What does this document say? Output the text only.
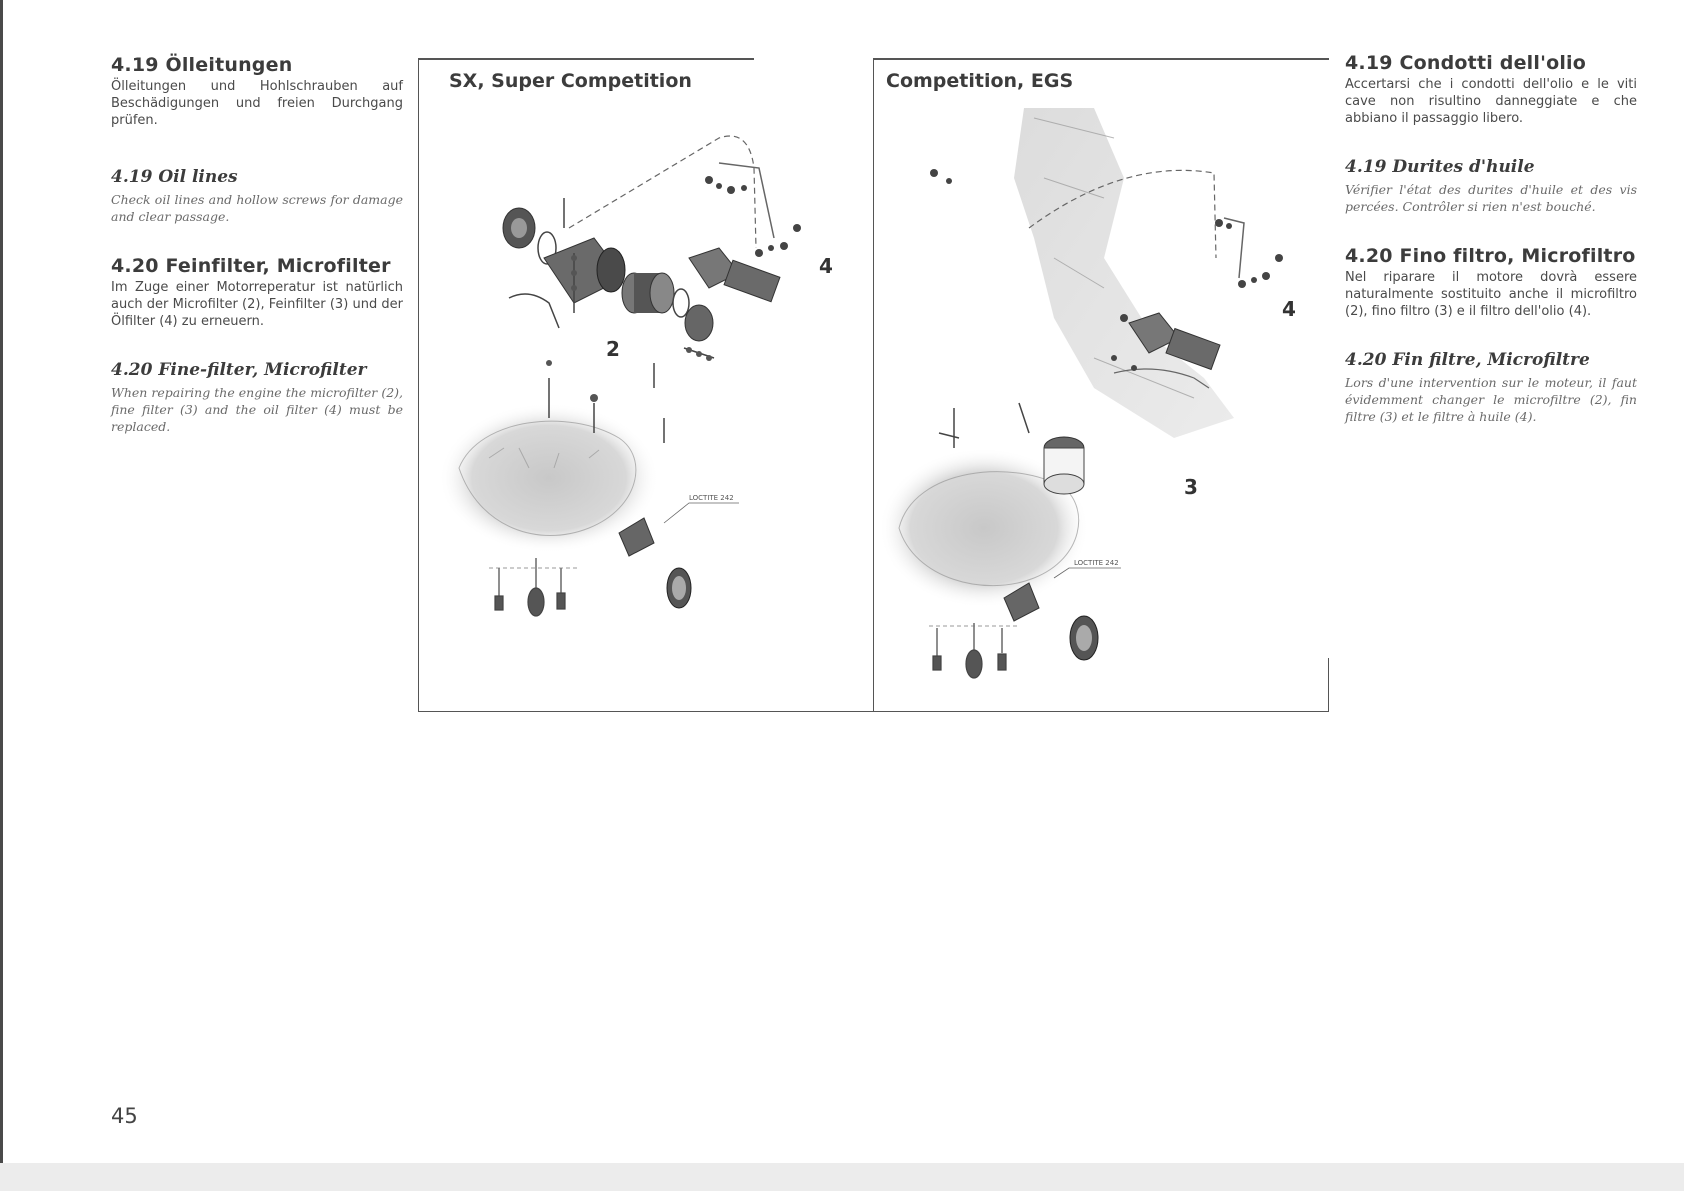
4.19 Ölleitungen

Ölleitungen und Hohlschrauben auf Beschädigungen und freien Durchgang prüfen.

4.19 Oil lines

Check oil lines and hollow screws for damage and clear passage.

4.20 Feinfilter, Microfilter

Im Zuge einer Motorreperatur ist natürlich auch der Microfilter (2), Feinfilter (3) und der Ölfilter (4) zu erneuern.

4.20 Fine-filter, Microfilter

When repairing the engine the microfilter (2), fine filter (3) and the oil filter (4) must be replaced.

SX, Super Competition
LOCTITE 242
2
4
Competition, EGS
LOCTITE 242
4
3
4.19 Condotti dell'olio

Accertarsi che i condotti dell'olio e le viti cave non risultino danneggiate e che abbiano il passaggio libero.

4.19 Durites d'huile

Vérifier l'état des durites d'huile et des vis percées. Contrôler si rien n'est bouché.

4.20 Fino filtro, Microfiltro

Nel riparare il motore dovrà essere naturalmente sostituito anche il microfiltro (2), fino filtro (3) e il filtro dell'olio (4).

4.20 Fin filtre, Microfiltre

Lors d'une intervention sur le moteur, il faut évidemment changer le microfiltre (2), fin filtre (3) et le filtre à huile (4).

45
